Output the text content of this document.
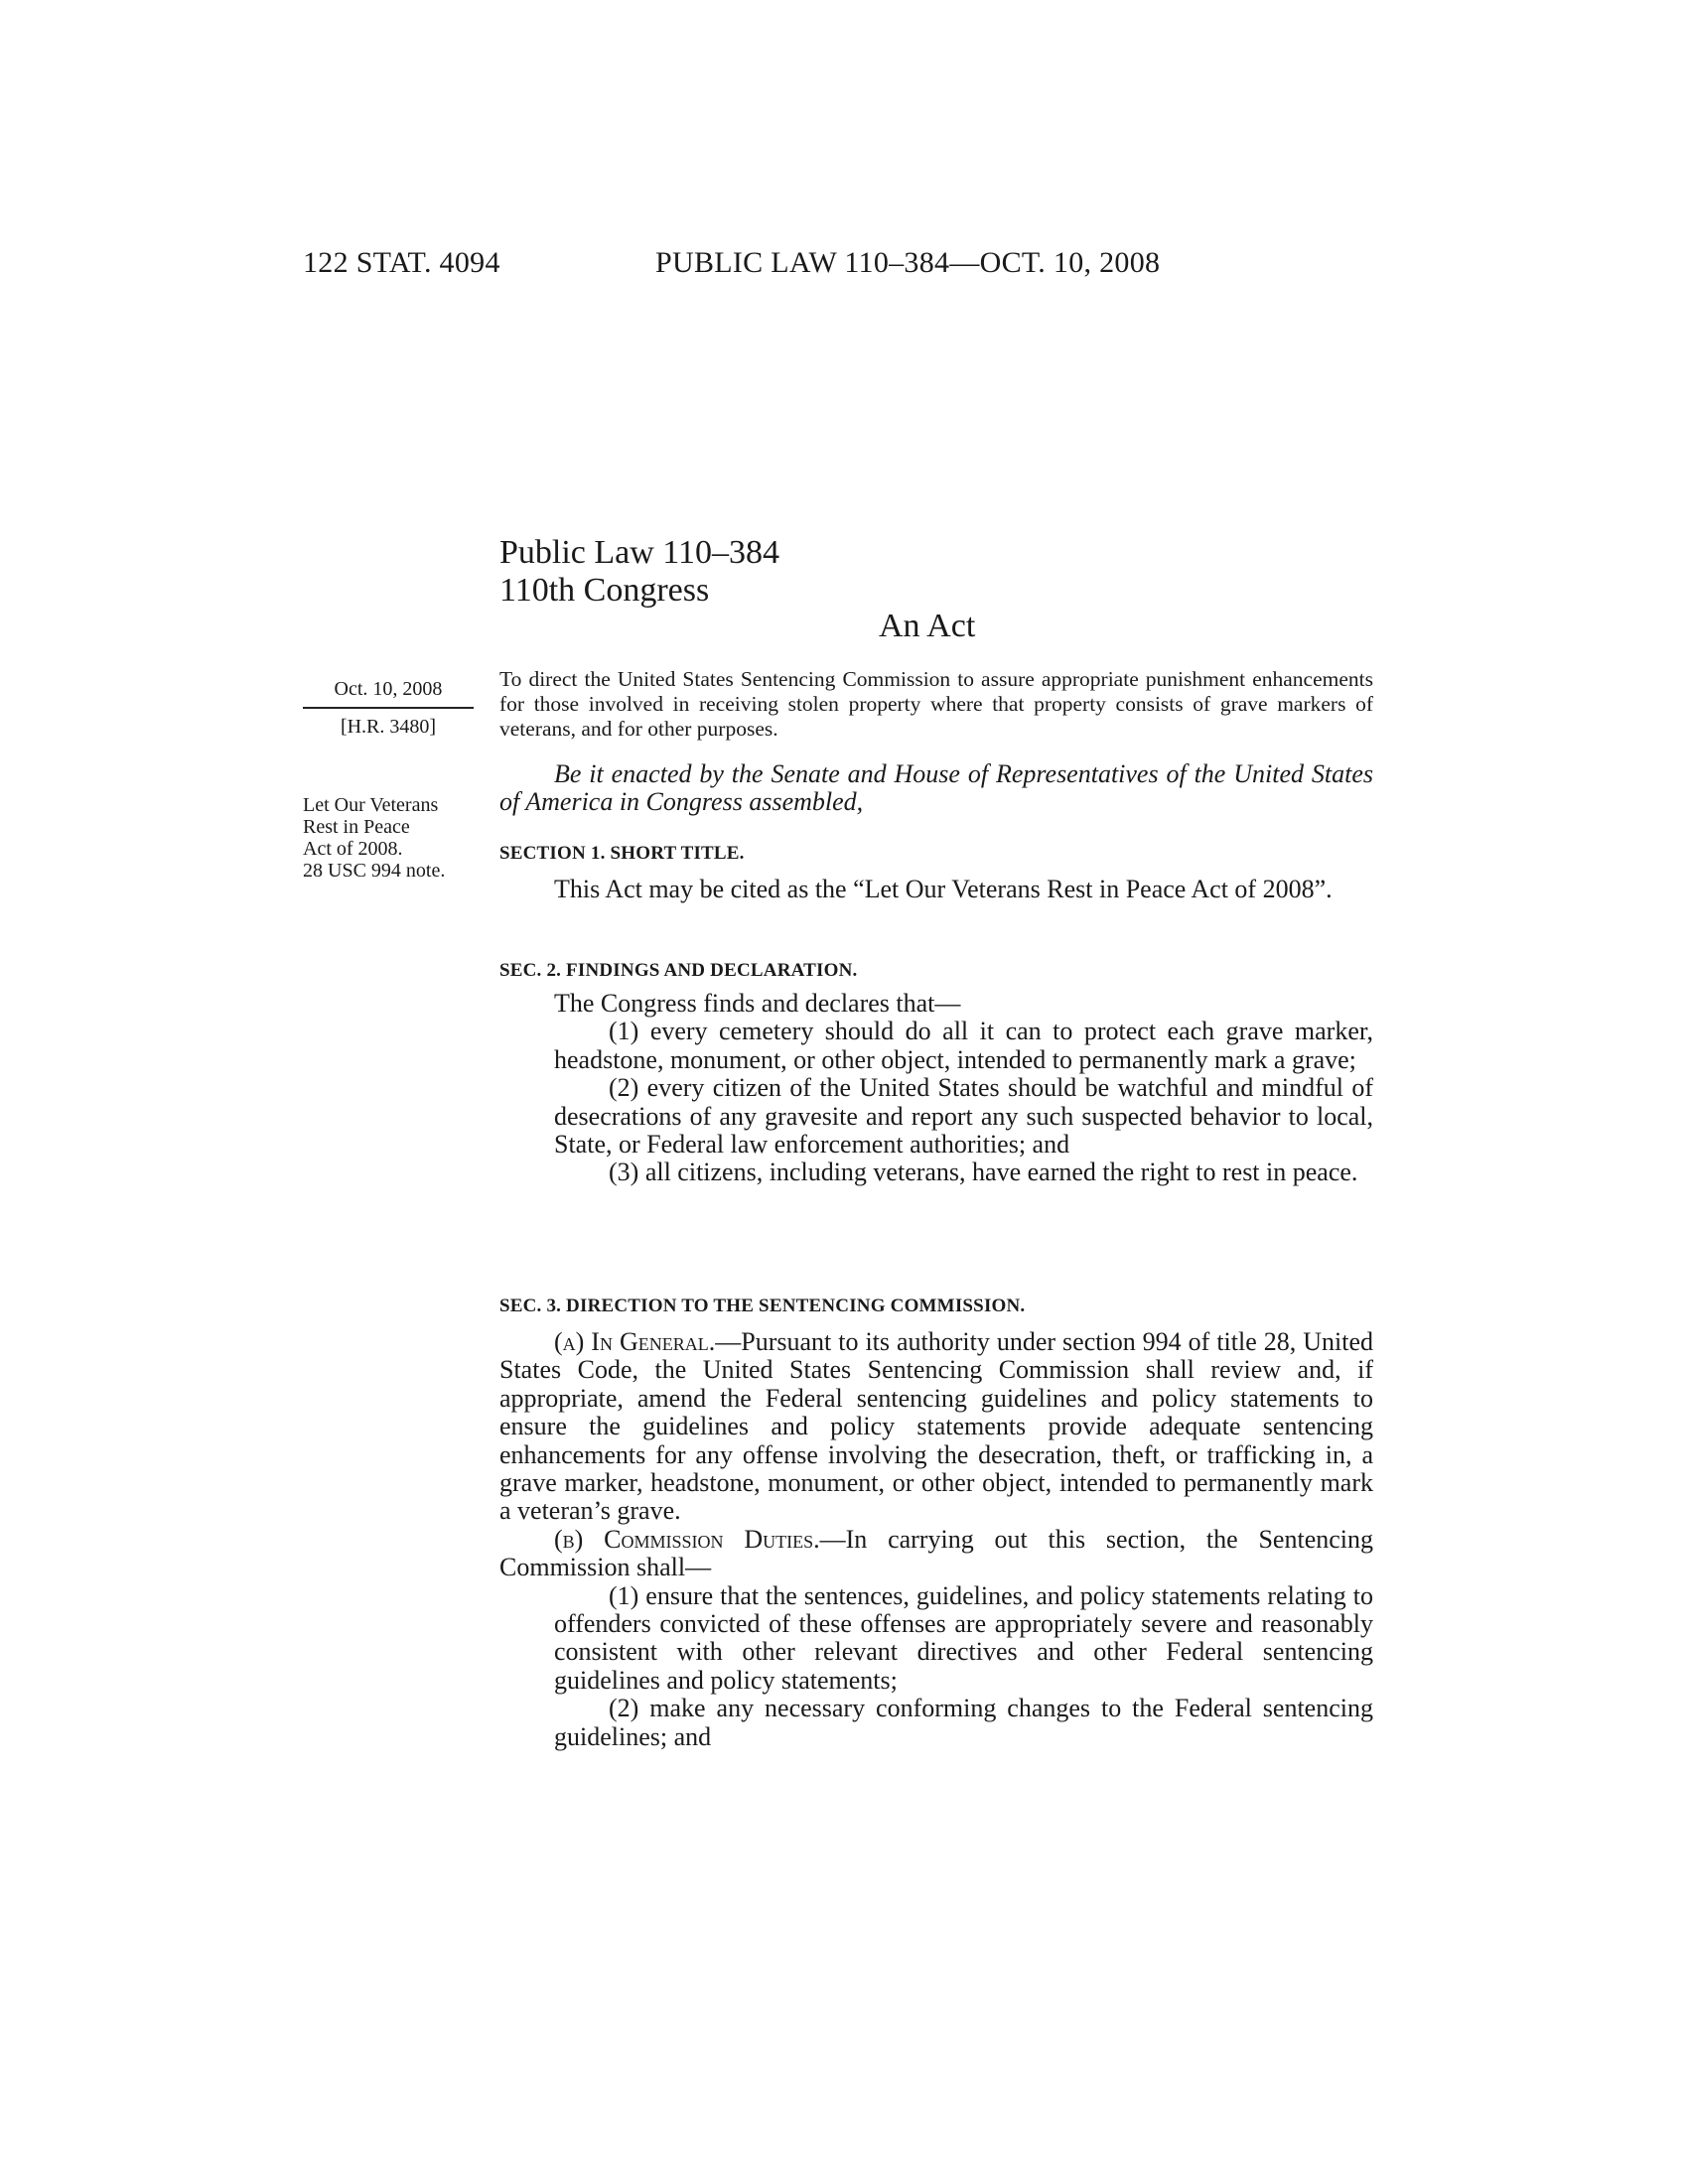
122 STAT. 4094	PUBLIC LAW 110–384—OCT. 10, 2008
Public Law 110–384
110th Congress
An Act
Oct. 10, 2008
[H.R. 3480]
Let Our Veterans
Rest in Peace
Act of 2008.
28 USC 994 note.
To direct the United States Sentencing Commission to assure appropriate punishment enhancements for those involved in receiving stolen property where that property consists of grave markers of veterans, and for other purposes.
Be it enacted by the Senate and House of Representatives of the United States of America in Congress assembled,
SECTION 1. SHORT TITLE.
This Act may be cited as the “Let Our Veterans Rest in Peace Act of 2008”.
SEC. 2. FINDINGS AND DECLARATION.

The Congress finds and declares that—

(1) every cemetery should do all it can to protect each grave marker, headstone, monument, or other object, intended to permanently mark a grave;

(2) every citizen of the United States should be watchful and mindful of desecrations of any gravesite and report any such suspected behavior to local, State, or Federal law enforcement authorities; and

(3) all citizens, including veterans, have earned the right to rest in peace.

SEC. 3. DIRECTION TO THE SENTENCING COMMISSION.

(a) In General.—Pursuant to its authority under section 994 of title 28, United States Code, the United States Sentencing Commission shall review and, if appropriate, amend the Federal sentencing guidelines and policy statements to ensure the guidelines and policy statements provide adequate sentencing enhancements for any offense involving the desecration, theft, or trafficking in, a grave marker, headstone, monument, or other object, intended to permanently mark a veteran’s grave.

(b) Commission Duties.—In carrying out this section, the Sentencing Commission shall—

(1) ensure that the sentences, guidelines, and policy statements relating to offenders convicted of these offenses are appropriately severe and reasonably consistent with other relevant directives and other Federal sentencing guidelines and policy statements;

(2) make any necessary conforming changes to the Federal sentencing guidelines; and
